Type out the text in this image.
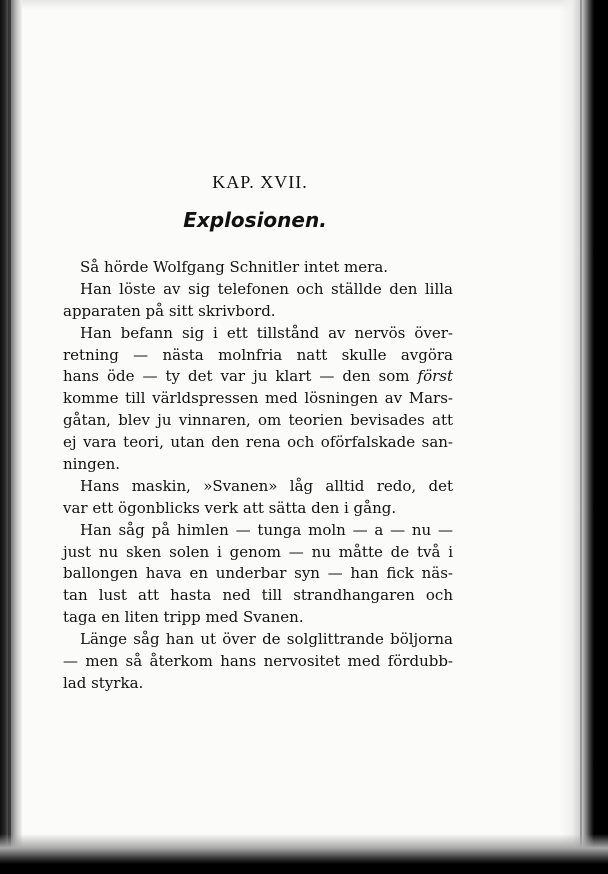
KAP. XVII.
Explosionen.
Så hörde Wolfgang Schnitler intet mera.
Han löste av sig telefonen och ställde den lilla
apparaten på sitt skrivbord.
Han befann sig i ett tillstånd av nervös över-
retning — nästa molnfria natt skulle avgöra
hans öde — ty det var ju klart — den som först
komme till världspressen med lösningen av Mars-
gåtan, blev ju vinnaren, om teorien bevisades att
ej vara teori, utan den rena och oförfalskade san-
ningen.
Hans maskin, »Svanen» låg alltid redo, det
var ett ögonblicks verk att sätta den i gång.
Han såg på himlen — tunga moln — a — nu —
just nu sken solen i genom — nu måtte de två i
ballongen hava en underbar syn — han fick näs-
tan lust att hasta ned till strandhangaren och
taga en liten tripp med Svanen.
Länge såg han ut över de solglittrande böljorna
— men så återkom hans nervositet med fördubb-
lad styrka.
